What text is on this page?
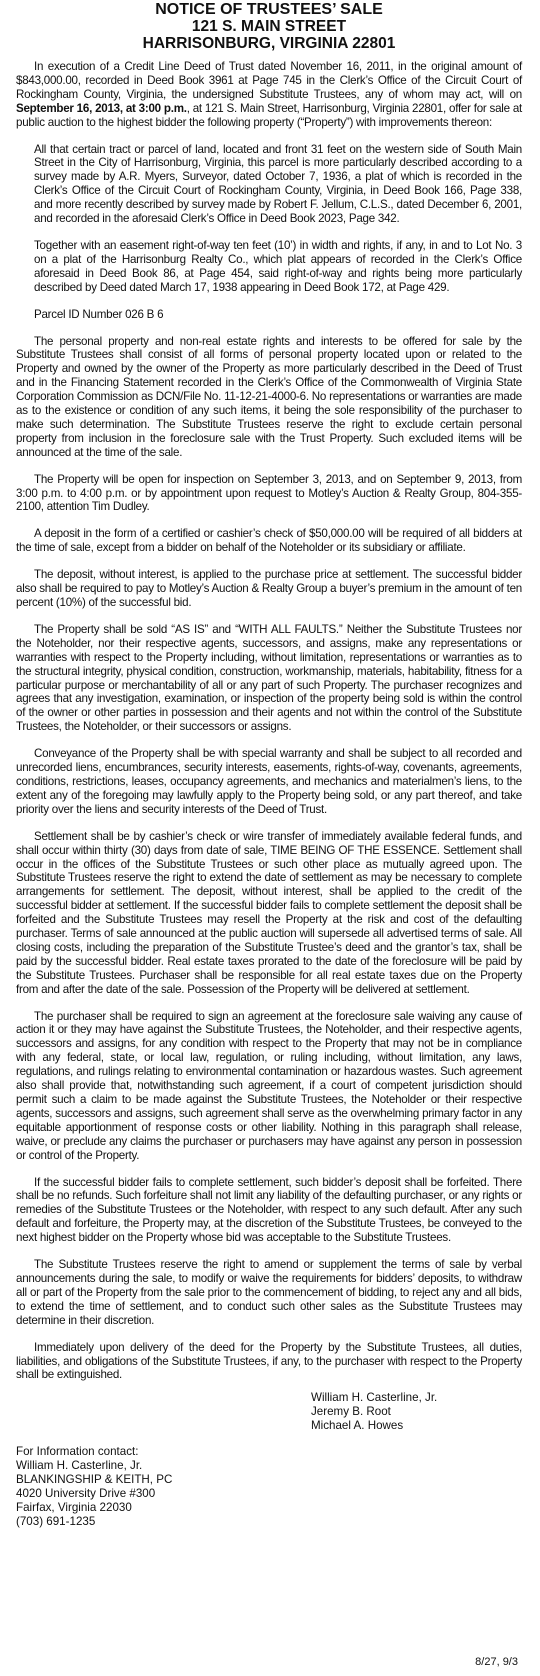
NOTICE OF TRUSTEES’ SALE
121 S. MAIN STREET
HARRISONBURG, VIRGINIA 22801

In execution of a Credit Line Deed of Trust dated November 16, 2011, in the original amount of $843,000.00, recorded in Deed Book 3961 at Page 745 in the Clerk’s Office of the Circuit Court of Rockingham County, Virginia, the undersigned Substitute Trustees, any of whom may act, will on September 16, 2013, at 3:00 p.m., at 121 S. Main Street, Harrisonburg, Virginia 22801, offer for sale at public auction to the highest bidder the following property (“Property”) with improvements thereon:

All that certain tract or parcel of land, located and front 31 feet on the western side of South Main Street in the City of Harrisonburg, Virginia, this parcel is more particularly described according to a survey made by A.R. Myers, Surveyor, dated October 7, 1936, a plat of which is recorded in the Clerk’s Office of the Circuit Court of Rockingham County, Virginia, in Deed Book 166, Page 338, and more recently described by survey made by Robert F. Jellum, C.L.S., dated December 6, 2001, and recorded in the aforesaid Clerk’s Office in Deed Book 2023, Page 342.

Together with an easement right-of-way ten feet (10’) in width and rights, if any, in and to Lot No. 3 on a plat of the Harrisonburg Realty Co., which plat appears of recorded in the Clerk’s Office aforesaid in Deed Book 86, at Page 454, said right-of-way and rights being more particularly described by Deed dated March 17, 1938 appearing in Deed Book 172, at Page 429.

Parcel ID Number 026 B 6

The personal property and non-real estate rights and interests to be offered for sale by the Substitute Trustees shall consist of all forms of personal property located upon or related to the Property and owned by the owner of the Property as more particularly described in the Deed of Trust and in the Financing Statement recorded in the Clerk’s Office of the Commonwealth of Virginia State Corporation Commission as DCN/File No. 11-12-21-4000-6. No representations or warranties are made as to the existence or condition of any such items, it being the sole responsibility of the purchaser to make such determination. The Substitute Trustees reserve the right to exclude certain personal property from inclusion in the foreclosure sale with the Trust Property. Such excluded items will be announced at the time of the sale.

The Property will be open for inspection on September 3, 2013, and on September 9, 2013, from 3:00 p.m. to 4:00 p.m. or by appointment upon request to Motley’s Auction & Realty Group, 804-355-2100, attention Tim Dudley.

A deposit in the form of a certified or cashier’s check of $50,000.00 will be required of all bidders at the time of sale, except from a bidder on behalf of the Noteholder or its subsidiary or affiliate.

The deposit, without interest, is applied to the purchase price at settlement. The successful bidder also shall be required to pay to Motley’s Auction & Realty Group a buyer’s premium in the amount of ten percent (10%) of the successful bid.

The Property shall be sold “AS IS” and “WITH ALL FAULTS.” Neither the Substitute Trustees nor the Noteholder, nor their respective agents, successors, and assigns, make any representations or warranties with respect to the Property including, without limitation, representations or warranties as to the structural integrity, physical condition, construction, workmanship, materials, habitability, fitness for a particular purpose or merchantability of all or any part of such Property. The purchaser recognizes and agrees that any investigation, examination, or inspection of the property being sold is within the control of the owner or other parties in possession and their agents and not within the control of the Substitute Trustees, the Noteholder, or their successors or assigns.

Conveyance of the Property shall be with special warranty and shall be subject to all recorded and unrecorded liens, encumbrances, security interests, easements, rights-of-way, covenants, agreements, conditions, restrictions, leases, occupancy agreements, and mechanics and materialmen’s liens, to the extent any of the foregoing may lawfully apply to the Property being sold, or any part thereof, and take priority over the liens and security interests of the Deed of Trust.

Settlement shall be by cashier’s check or wire transfer of immediately available federal funds, and shall occur within thirty (30) days from date of sale, TIME BEING OF THE ESSENCE. Settlement shall occur in the offices of the Substitute Trustees or such other place as mutually agreed upon. The Substitute Trustees reserve the right to extend the date of settlement as may be necessary to complete arrangements for settlement. The deposit, without interest, shall be applied to the credit of the successful bidder at settlement. If the successful bidder fails to complete settlement the deposit shall be forfeited and the Substitute Trustees may resell the Property at the risk and cost of the defaulting purchaser. Terms of sale announced at the public auction will supersede all advertised terms of sale. All closing costs, including the preparation of the Substitute Trustee’s deed and the grantor’s tax, shall be paid by the successful bidder. Real estate taxes prorated to the date of the foreclosure will be paid by the Substitute Trustees. Purchaser shall be responsible for all real estate taxes due on the Property from and after the date of the sale. Possession of the Property will be delivered at settlement.

The purchaser shall be required to sign an agreement at the foreclosure sale waiving any cause of action it or they may have against the Substitute Trustees, the Noteholder, and their respective agents, successors and assigns, for any condition with respect to the Property that may not be in compliance with any federal, state, or local law, regulation, or ruling including, without limitation, any laws, regulations, and rulings relating to environmental contamination or hazardous wastes. Such agreement also shall provide that, notwithstanding such agreement, if a court of competent jurisdiction should permit such a claim to be made against the Substitute Trustees, the Noteholder or their respective agents, successors and assigns, such agreement shall serve as the overwhelming primary factor in any equitable apportionment of response costs or other liability. Nothing in this paragraph shall release, waive, or preclude any claims the purchaser or purchasers may have against any person in possession or control of the Property.

If the successful bidder fails to complete settlement, such bidder’s deposit shall be forfeited. There shall be no refunds. Such forfeiture shall not limit any liability of the defaulting purchaser, or any rights or remedies of the Substitute Trustees or the Noteholder, with respect to any such default. After any such default and forfeiture, the Property may, at the discretion of the Substitute Trustees, be conveyed to the next highest bidder on the Property whose bid was acceptable to the Substitute Trustees.

The Substitute Trustees reserve the right to amend or supplement the terms of sale by verbal announcements during the sale, to modify or waive the requirements for bidders’ deposits, to withdraw all or part of the Property from the sale prior to the commencement of bidding, to reject any and all bids, to extend the time of settlement, and to conduct such other sales as the Substitute Trustees may determine in their discretion.

Immediately upon delivery of the deed for the Property by the Substitute Trustees, all duties, liabilities, and obligations of the Substitute Trustees, if any, to the purchaser with respect to the Property shall be extinguished.

William H. Casterline, Jr.
Jeremy B. Root
Michael A. Howes
For Information contact:
William H. Casterline, Jr.
BLANKINGSHIP & KEITH, PC
4020 University Drive #300
Fairfax, Virginia 22030
(703) 691-1235
8/27, 9/3
